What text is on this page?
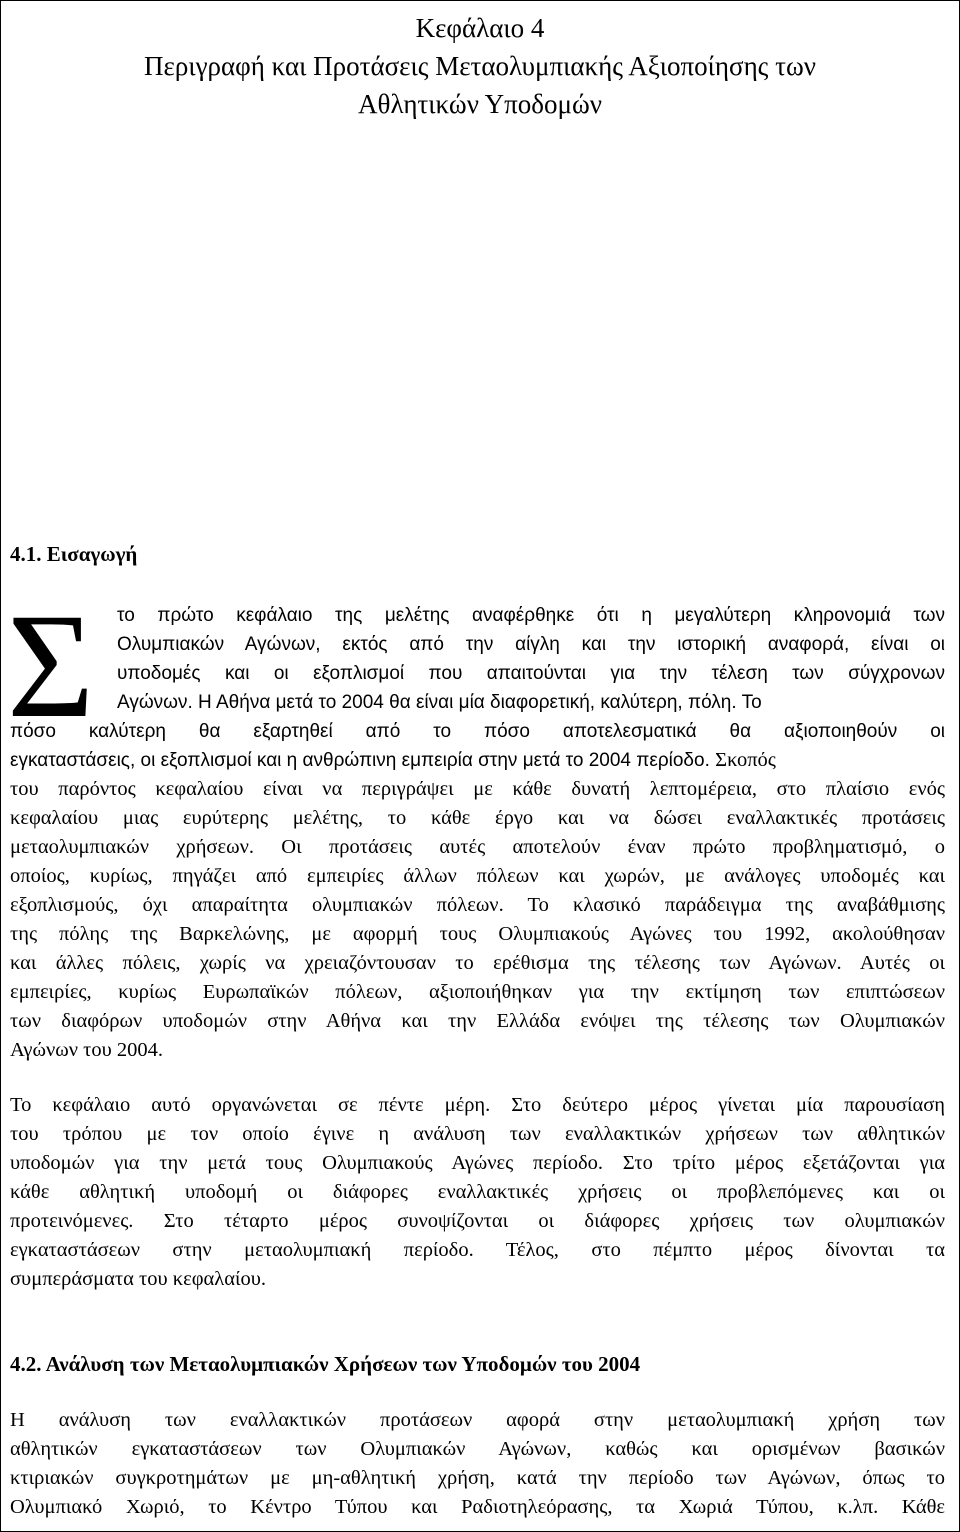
Κεφάλαιο 4
Περιγραφή και Προτάσεις Μεταολυμπιακής Αξιοποίησης των
Αθλητικών Υποδομών
4.1. Εισαγωγή
Σ το πρώτο κεφάλαιο της μελέτης αναφέρθηκε ότι η μεγαλύτερη κληρονομιά των
Ολυμπιακών Αγώνων, εκτός από την αίγλη και την ιστορική αναφορά, είναι οι
υποδομές και οι εξοπλισμοί που απαιτούνται για την τέλεση των σύγχρονων
Αγώνων. Η Αθήνα μετά το 2004 θα είναι μία διαφορετική, καλύτερη, πόλη. Το
πόσο καλύτερη θα εξαρτηθεί από το πόσο αποτελεσματικά θα αξιοποιηθούν οι
εγκαταστάσεις, οι εξοπλισμοί και η ανθρώπινη εμπειρία στην μετά το 2004 περίοδο. Σκοπός
του παρόντος κεφαλαίου είναι να περιγράψει με κάθε δυνατή λεπτομέρεια, στο πλαίσιο ενός
κεφαλαίου μιας ευρύτερης μελέτης, το κάθε έργο και να δώσει εναλλακτικές προτάσεις
μεταολυμπιακών χρήσεων. Οι προτάσεις αυτές αποτελούν έναν πρώτο προβληματισμό, ο
οποίος, κυρίως, πηγάζει από εμπειρίες άλλων πόλεων και χωρών, με ανάλογες υποδομές και
εξοπλισμούς, όχι απαραίτητα ολυμπιακών πόλεων. Το κλασικό παράδειγμα της αναβάθμισης
της πόλης της Βαρκελώνης, με αφορμή τους Ολυμπιακούς Αγώνες του 1992, ακολούθησαν
και άλλες πόλεις, χωρίς να χρειαζόντουσαν το ερέθισμα της τέλεσης των Αγώνων. Αυτές οι
εμπειρίες, κυρίως Ευρωπαϊκών πόλεων, αξιοποιήθηκαν για την εκτίμηση των επιπτώσεων
των διαφόρων υποδομών στην Αθήνα και την Ελλάδα ενόψει της τέλεσης των Ολυμπιακών
Αγώνων του 2004.
Το κεφάλαιο αυτό οργανώνεται σε πέντε μέρη. Στο δεύτερο μέρος γίνεται μία παρουσίαση
του τρόπου με τον οποίο έγινε η ανάλυση των εναλλακτικών χρήσεων των αθλητικών
υποδομών για την μετά τους Ολυμπιακούς Αγώνες περίοδο. Στο τρίτο μέρος εξετάζονται για
κάθε αθλητική υποδομή οι διάφορες εναλλακτικές χρήσεις οι προβλεπόμενες και οι
προτεινόμενες. Στο τέταρτο μέρος συνοψίζονται οι διάφορες χρήσεις των ολυμπιακών
εγκαταστάσεων στην μεταολυμπιακή περίοδο. Τέλος, στο πέμπτο μέρος δίνονται τα
συμπεράσματα του κεφαλαίου.
4.2. Ανάλυση των Μεταολυμπιακών Χρήσεων των Υποδομών του 2004
Η ανάλυση των εναλλακτικών προτάσεων αφορά στην μεταολυμπιακή χρήση των
αθλητικών εγκαταστάσεων των Ολυμπιακών Αγώνων, καθώς και ορισμένων βασικών
κτιριακών συγκροτημάτων με μη-αθλητική χρήση, κατά την περίοδο των Αγώνων, όπως το
Ολυμπιακό Χωριό, το Κέντρο Τύπου και Ραδιοτηλεόρασης, τα Χωριά Τύπου, κ.λπ. Κάθε
